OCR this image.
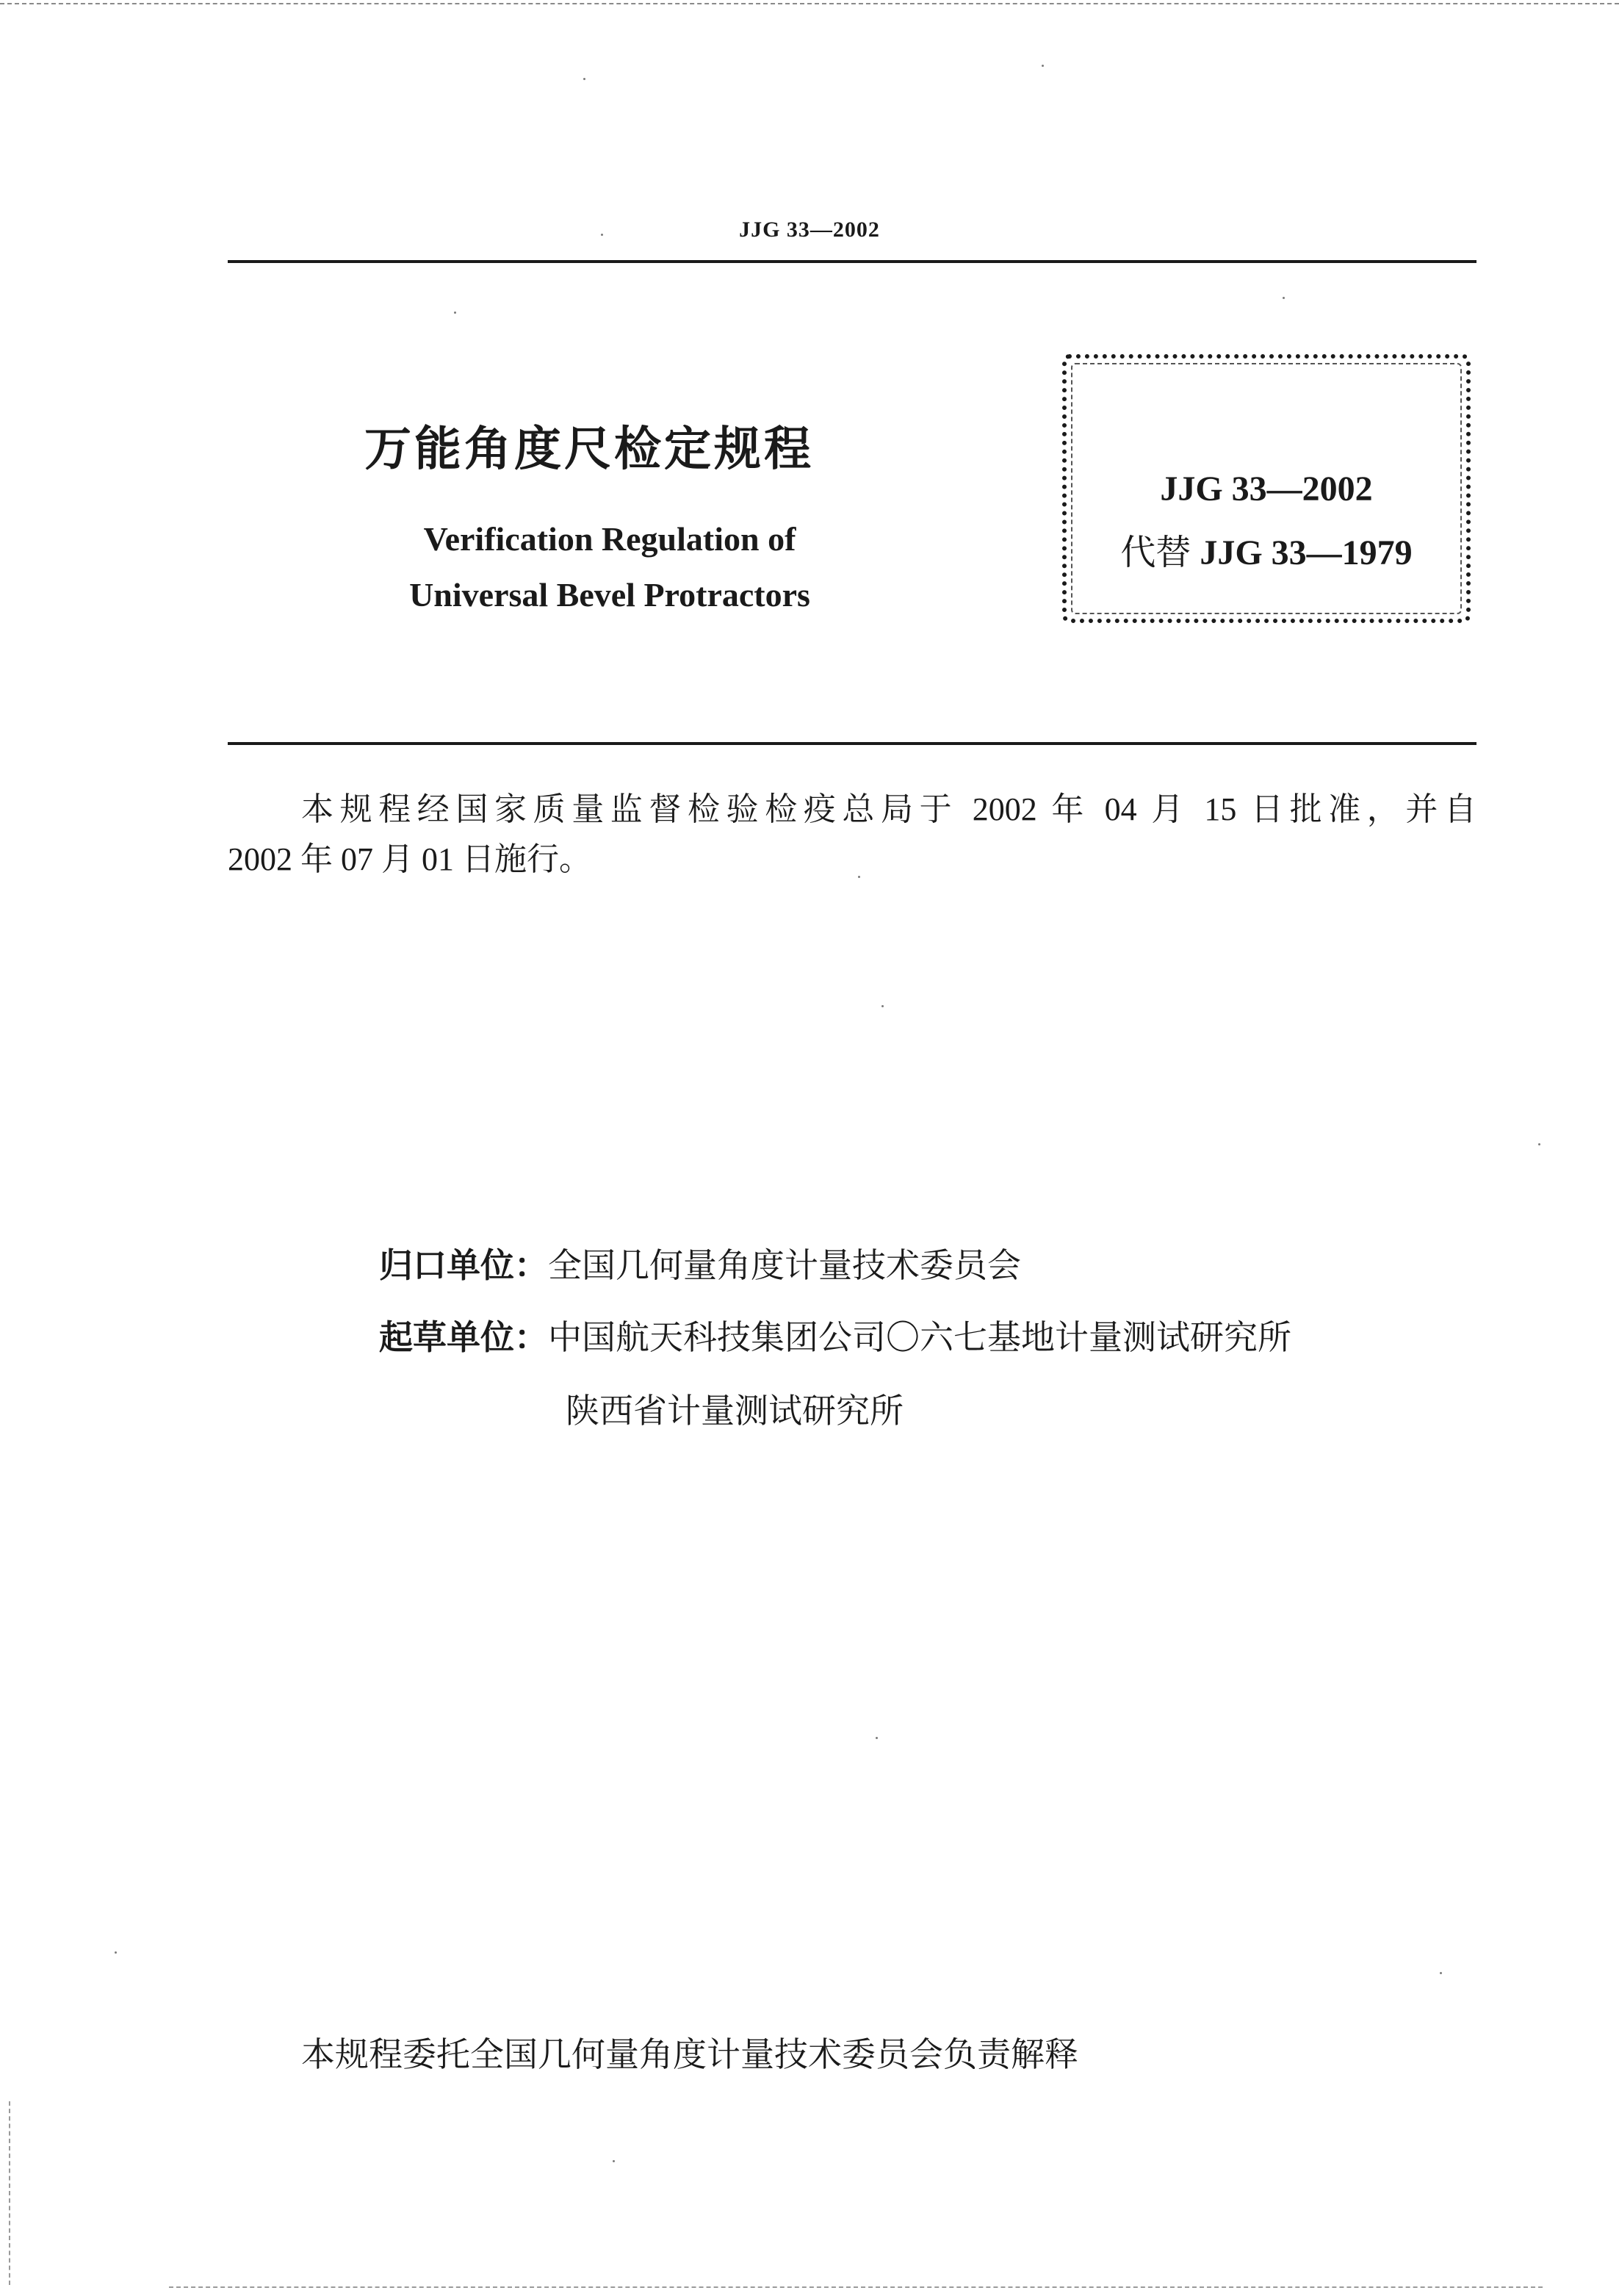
JJG 33—2002
万能角度尺检定规程
Verification Regulation of
Universal Bevel Protractors
JJG 33—2002
代替 JJG 33—1979
本规程经国家质量监督检验检疫总局于 2002 年 04 月 15 日批准，并自
2002 年 07 月 01 日施行。
归口单位：全国几何量角度计量技术委员会
起草单位：中国航天科技集团公司〇六七基地计量测试研究所
陕西省计量测试研究所
本规程委托全国几何量角度计量技术委员会负责解释
